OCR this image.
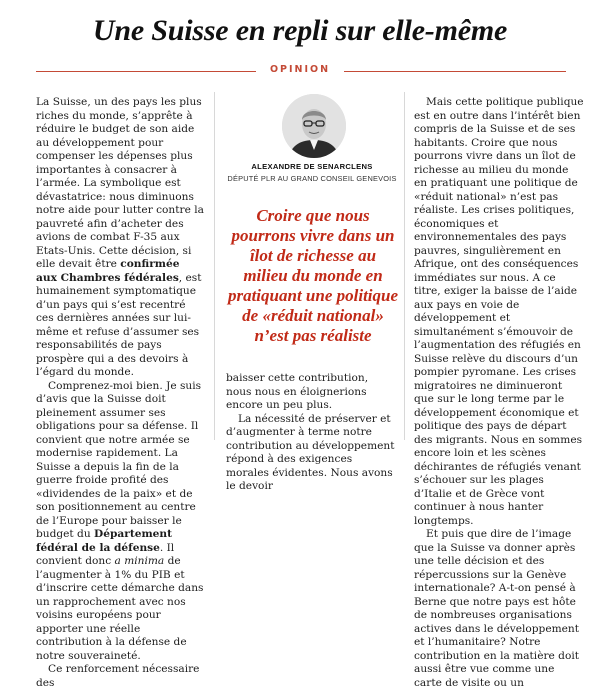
Une Suisse en repli sur elle-même
OPINION

La Suisse, un des pays les plus riches du monde, s’apprête à réduire le budget de son aide au développement pour compenser les dépenses plus importantes à consacrer à l’armée. La symbolique est dévastatrice: nous diminuons notre aide pour lutter contre la pauvreté afin d’acheter des avions de combat F-35 aux Etats-Unis. Cette décision, si elle devait être confirmée aux Chambres fédérales, est humainement symptomatique d’un pays qui s’est recentré ces dernières années sur lui-même et refuse d’assumer ses responsabilités de pays prospère qui a des devoirs à l’égard du monde.

Comprenez-moi bien. Je suis d’avis que la Suisse doit pleinement assumer ses obligations pour sa défense. Il convient que notre armée se modernise rapidement. La Suisse a depuis la fin de la guerre froide profité des «dividendes de la paix» et de son positionnement au centre de l’Europe pour baisser le budget du Département fédéral de la défense. Il convient donc a minima de l’augmenter à 1% du PIB et d’inscrire cette démarche dans un rapprochement avec nos voisins européens pour apporter une réelle contribution à la défense de notre souveraineté.

Ce renforcement nécessaire des

ALEXANDRE DE SENARCLENS
DÉPUTÉ PLR AU GRAND CONSEIL GENEVOIS
Croire que nous pourrons vivre dans un îlot de richesse au milieu du monde en pratiquant une politique de «réduit national» n’est pas réaliste

baisser cette contribution, nous nous en éloignerions encore un peu plus.

La nécessité de préserver et d’augmenter à terme notre contribution au développement répond à des exigences morales évidentes. Nous avons le devoir

Mais cette politique publique est en outre dans l’intérêt bien compris de la Suisse et de ses habitants. Croire que nous pourrons vivre dans un îlot de richesse au milieu du monde en pratiquant une politique de «réduit national» n’est pas réaliste. Les crises politiques, économiques et environnementales des pays pauvres, singulièrement en Afrique, ont des conséquences immédiates sur nous. A ce titre, exiger la baisse de l’aide aux pays en voie de développement et simultanément s’émouvoir de l’augmentation des réfugiés en Suisse relève du discours d’un pompier pyromane. Les crises migratoires ne diminueront que sur le long terme par le développement économique et politique des pays de départ des migrants. Nous en sommes encore loin et les scènes déchirantes de réfugiés venant s’échouer sur les plages d’Italie et de Grèce vont continuer à nous hanter longtemps.

Et puis que dire de l’image que la Suisse va donner après une telle décision et des répercussions sur la Genève internationale? A-t-on pensé à Berne que notre pays est hôte de nombreuses organisations actives dans le développement et l’humanitaire? Notre contribution en la matière doit aussi être vue comme une carte de visite ou un
